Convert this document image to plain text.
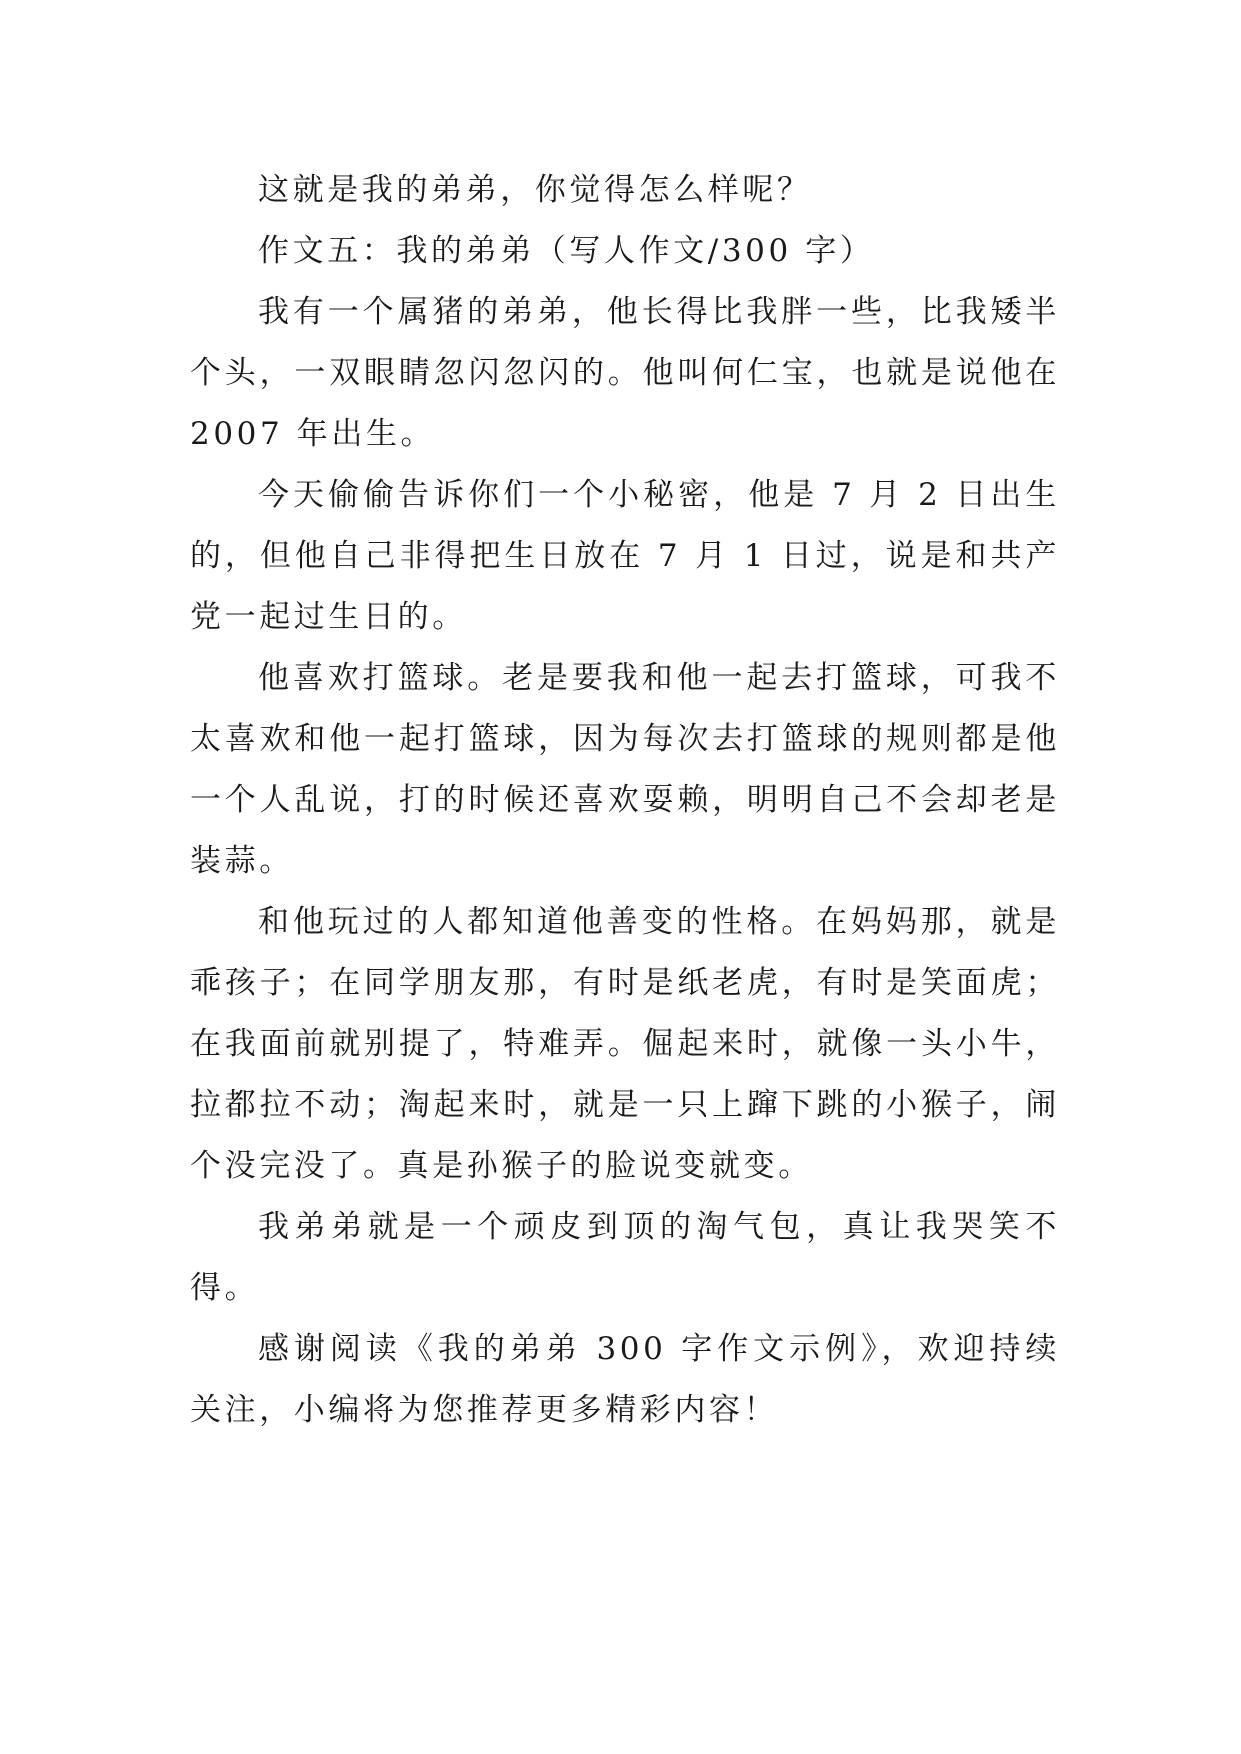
这就是我的弟弟，你觉得怎么样呢？

作文五：我的弟弟（写人作文/300 字）

我有一个属猪的弟弟，他长得比我胖一些，比我矮半个头，一双眼睛忽闪忽闪的。他叫何仁宝，也就是说他在 2007 年出生。

今天偷偷告诉你们一个小秘密，他是 7 月 2 日出生的，但他自己非得把生日放在 7 月 1 日过，说是和共产党一起过生日的。

他喜欢打篮球。老是要我和他一起去打篮球，可我不太喜欢和他一起打篮球，因为每次去打篮球的规则都是他一个人乱说，打的时候还喜欢耍赖，明明自己不会却老是装蒜。

和他玩过的人都知道他善变的性格。在妈妈那，就是乖孩子；在同学朋友那，有时是纸老虎，有时是笑面虎；在我面前就别提了，特难弄。倔起来时，就像一头小牛，拉都拉不动；淘起来时，就是一只上蹿下跳的小猴子，闹个没完没了。真是孙猴子的脸说变就变。

我弟弟就是一个顽皮到顶的淘气包，真让我哭笑不得。

感谢阅读《我的弟弟 300 字作文示例》，欢迎持续关注，小编将为您推荐更多精彩内容！
